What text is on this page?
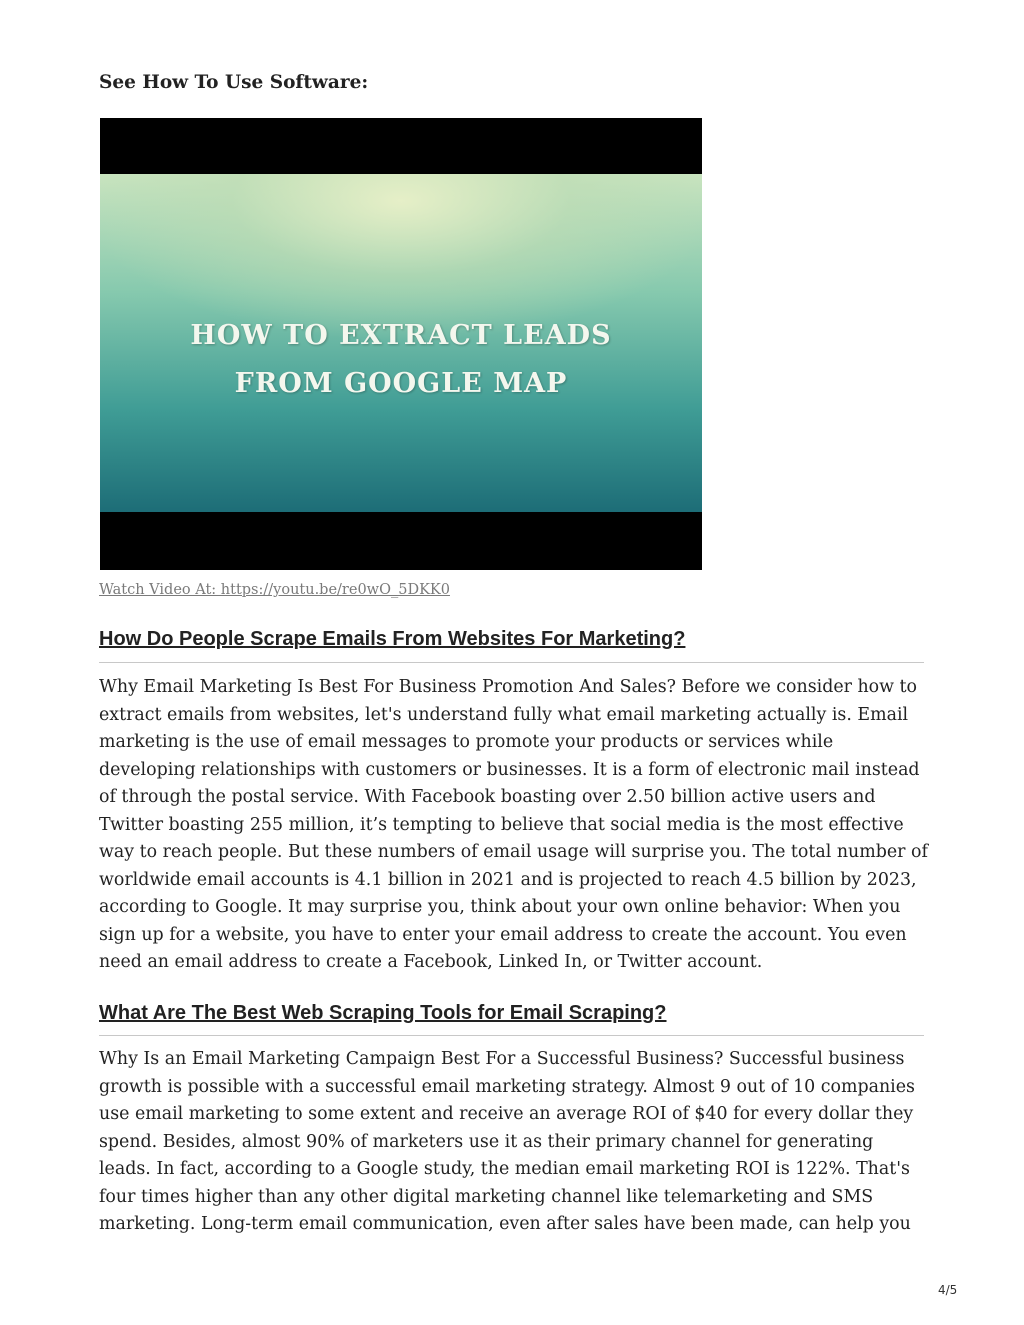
See How To Use Software:

HOW TO EXTRACT LEADS
FROM GOOGLE MAP

Watch Video At: https://youtu.be/re0wO_5DKK0
How Do People Scrape Emails From Websites For Marketing?

Why Email Marketing Is Best For Business Promotion And Sales? Before we consider how to extract emails from websites, let's understand fully what email marketing actually is. Email marketing is the use of email messages to promote your products or services while developing relationships with customers or businesses. It is a form of electronic mail instead of through the postal service. With Facebook boasting over 2.50 billion active users and Twitter boasting 255 million, it’s tempting to believe that social media is the most effective way to reach people. But these numbers of email usage will surprise you. The total number of worldwide email accounts is 4.1 billion in 2021 and is projected to reach 4.5 billion by 2023, according to Google. It may surprise you, think about your own online behavior: When you sign up for a website, you have to enter your email address to create the account. You even need an email address to create a Facebook, Linked In, or Twitter account.

What Are The Best Web Scraping Tools for Email Scraping?

Why Is an Email Marketing Campaign Best For a Successful Business? Successful business growth is possible with a successful email marketing strategy. Almost 9 out of 10 companies use email marketing to some extent and receive an average ROI of $40 for every dollar they spend. Besides, almost 90% of marketers use it as their primary channel for generating leads. In fact, according to a Google study, the median email marketing ROI is 122%. That's four times higher than any other digital marketing channel like telemarketing and SMS marketing. Long-term email communication, even after sales have been made, can help you

4/5
